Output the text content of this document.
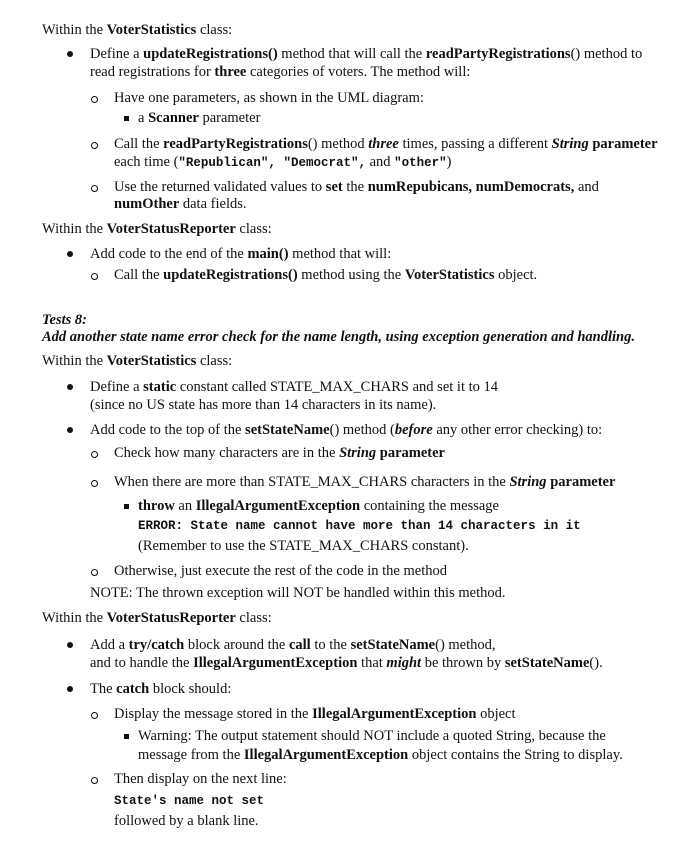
Within the VoterStatistics class:
Define a updateRegistrations() method that will call the readPartyRegistrations() method to
read registrations for three categories of voters. The method will:
Have one parameters, as shown in the UML diagram:
a Scanner parameter
Call the readPartyRegistrations() method three times, passing a different String parameter
each time ("Republican", "Democrat", and "other")
Use the returned validated values to set the numRepubicans, numDemocrats, and
numOther data fields.
Within the VoterStatusReporter class:
Add code to the end of the main() method that will:
Call the updateRegistrations() method using the VoterStatistics object.
Tests 8:
Add another state name error check for the name length, using exception generation and handling.
Within the VoterStatistics class:
Define a static constant called STATE_MAX_CHARS and set it to 14
(since no US state has more than 14 characters in its name).
Add code to the top of the setStateName() method (before any other error checking) to:
Check how many characters are in the String parameter
When there are more than STATE_MAX_CHARS characters in the String parameter
throw an IllegalArgumentException containing the message
ERROR: State name cannot have more than 14 characters in it
(Remember to use the STATE_MAX_CHARS constant).
Otherwise, just execute the rest of the code in the method
NOTE: The thrown exception will NOT be handled within this method.
Within the VoterStatusReporter class:
Add a try/catch block around the call to the setStateName() method,
and to handle the IllegalArgumentException that might be thrown by setStateName().
The catch block should:
Display the message stored in the IllegalArgumentException object
Warning: The output statement should NOT include a quoted String, because the
message from the IllegalArgumentException object contains the String to display.
Then display on the next line:
State's name not set
followed by a blank line.
